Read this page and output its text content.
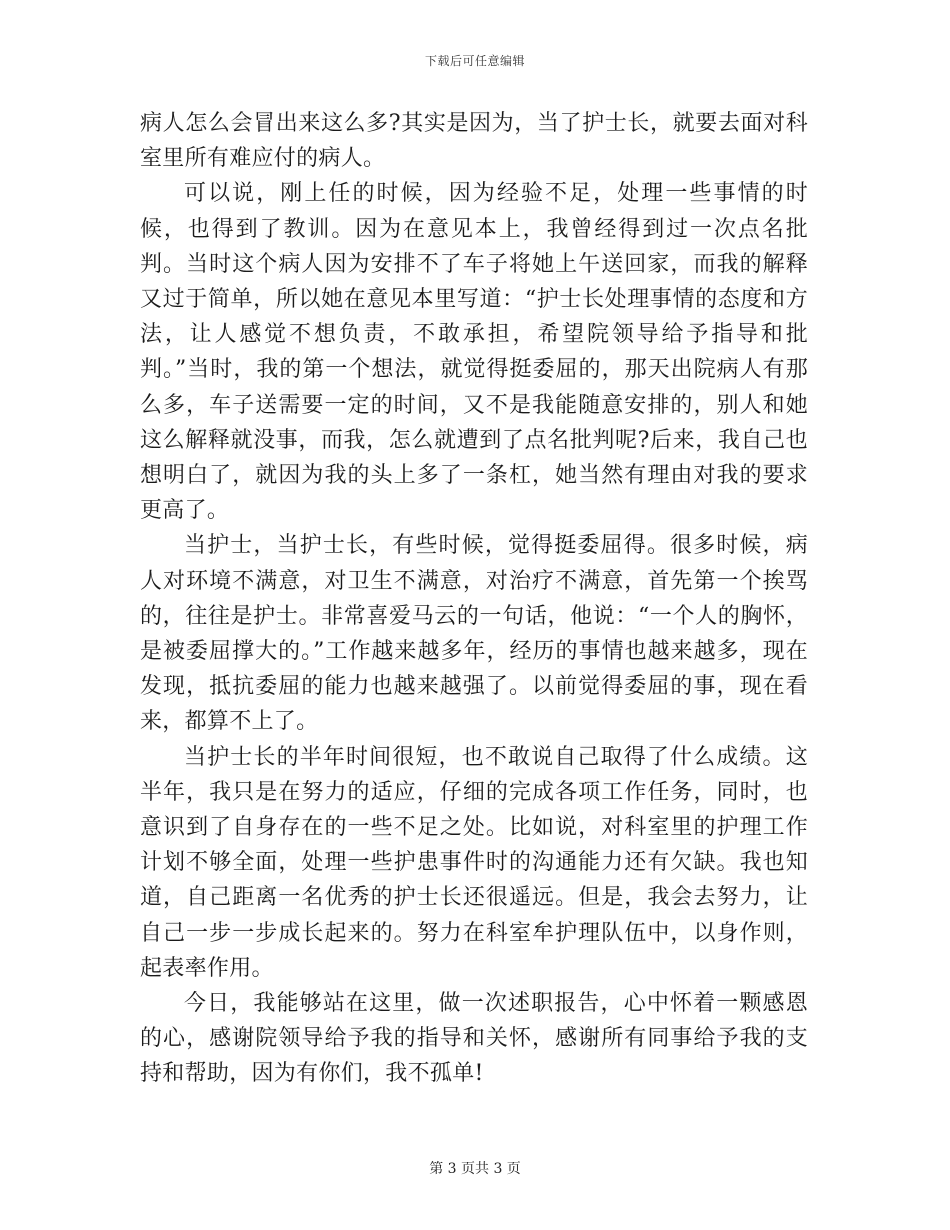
下载后可任意编辑

病人怎么会冒出来这么多?其实是因为，当了护士长，就要去面对科室里所有难应付的病人。

可以说，刚上任的时候，因为经验不足，处理一些事情的时候，也得到了教训。因为在意见本上，我曾经得到过一次点名批判。当时这个病人因为安排不了车子将她上午送回家，而我的解释又过于简单，所以她在意见本里写道：“护士长处理事情的态度和方法，让人感觉不想负责，不敢承担，希望院领导给予指导和批判。”当时，我的第一个想法，就觉得挺委屈的，那天出院病人有那么多，车子送需要一定的时间，又不是我能随意安排的，别人和她这么解释就没事，而我，怎么就遭到了点名批判呢?后来，我自己也想明白了，就因为我的头上多了一条杠，她当然有理由对我的要求更高了。

当护士，当护士长，有些时候，觉得挺委屈得。很多时候，病人对环境不满意，对卫生不满意，对治疗不满意，首先第一个挨骂的，往往是护士。非常喜爱马云的一句话，他说：“一个人的胸怀，是被委屈撑大的。”工作越来越多年，经历的事情也越来越多，现在发现，抵抗委屈的能力也越来越强了。以前觉得委屈的事，现在看来，都算不上了。

当护士长的半年时间很短，也不敢说自己取得了什么成绩。这半年，我只是在努力的适应，仔细的完成各项工作任务，同时，也意识到了自身存在的一些不足之处。比如说，对科室里的护理工作计划不够全面，处理一些护患事件时的沟通能力还有欠缺。我也知道，自己距离一名优秀的护士长还很遥远。但是，我会去努力，让自己一步一步成长起来的。努力在科室牟护理队伍中，以身作则，起表率作用。

今日，我能够站在这里，做一次述职报告，心中怀着一颗感恩的心，感谢院领导给予我的指导和关怀，感谢所有同事给予我的支持和帮助，因为有你们，我不孤单!

第 3 页共 3 页
